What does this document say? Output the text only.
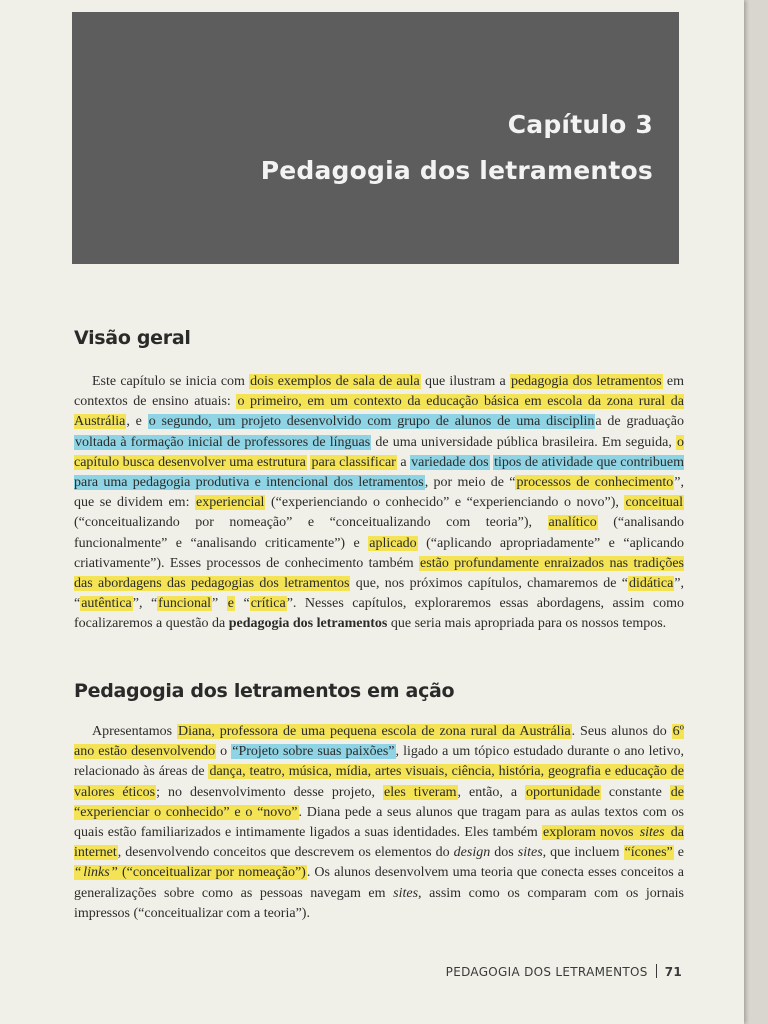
Capítulo 3
Pedagogia dos letramentos
Visão geral

Este capítulo se inicia com dois exemplos de sala de aula que ilustram a pedagogia dos letramentos em contextos de ensino atuais: o primeiro, em um contexto da educação básica em escola da zona rural da Austrália, e o segundo, um projeto desenvolvido com grupo de alunos de uma disciplina de graduação voltada à formação inicial de professores de línguas de uma universidade pública brasileira. Em seguida, o capítulo busca desenvolver uma estrutura para classificar a variedade dos tipos de atividade que contribuem para uma pedagogia produtiva e intencional dos letramentos, por meio de “processos de conhecimento”, que se dividem em: experiencial (“experienciando o conhecido” e “experienciando o novo”), conceitual (“conceitualizando por nomeação” e “conceitualizando com teoria”), analítico (“analisando funcionalmente” e “analisando criticamente”) e aplicado (“aplicando apropriadamente” e “aplicando criativamente”). Esses processos de conhecimento também estão profundamente enraizados nas tradições das abordagens das pedagogias dos letramentos que, nos próximos capítulos, chamaremos de “didática”, “autêntica”, “funcional” e “crítica”. Nesses capítulos, exploraremos essas abordagens, assim como focalizaremos a questão da pedagogia dos letramentos que seria mais apropriada para os nossos tempos.

Pedagogia dos letramentos em ação

Apresentamos Diana, professora de uma pequena escola de zona rural da Austrália. Seus alunos do 6º ano estão desenvolvendo o “Projeto sobre suas paixões”, ligado a um tópico estudado durante o ano letivo, relacionado às áreas de dança, teatro, música, mídia, artes visuais, ciência, história, geografia e educação de valores éticos; no desenvolvimento desse projeto, eles tiveram, então, a oportunidade constante de “experienciar o conhecido” e o “novo”. Diana pede a seus alunos que tragam para as aulas textos com os quais estão familiarizados e intimamente ligados a suas identidades. Eles também exploram novos sites da internet, desenvolvendo conceitos que descrevem os elementos do design dos sites, que incluem “ícones” e “ links ” (“conceitualizar por nomeação”). Os alunos desenvolvem uma teoria que conecta esses conceitos a generalizações sobre como as pessoas navegam em sites, assim como os comparam com os jornais impressos (“conceitualizar com a teoria”).

PEDAGOGIA DOS LETRAMENTOS 71
